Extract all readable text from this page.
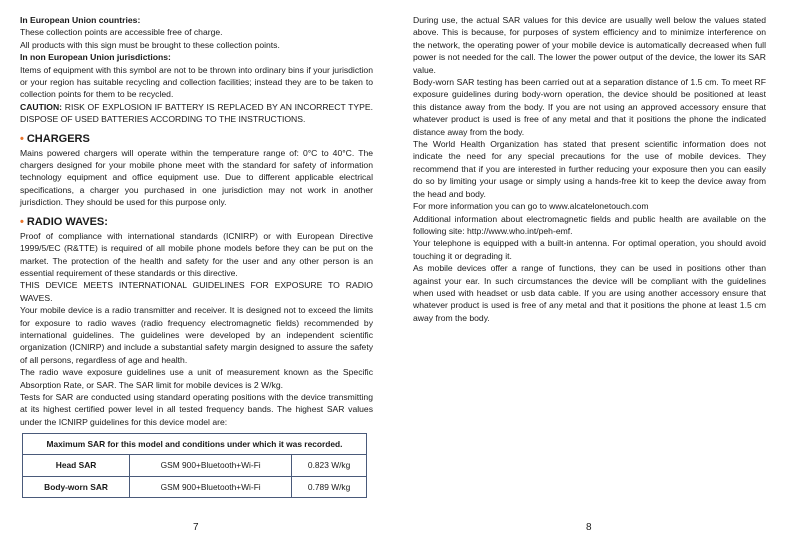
In European Union countries:

These collection points are accessible free of charge.

All products with this sign must be brought to these collection points.

In non European Union jurisdictions:

Items of equipment with this symbol are not to be thrown into ordinary bins if your jurisdiction or your region has suitable recycling and collection facilities; instead they are to be taken to collection points for them to be recycled.

CAUTION: RISK OF EXPLOSION IF BATTERY IS REPLACED BY AN INCORRECT TYPE. DISPOSE OF USED BATTERIES ACCORDING TO THE INSTRUCTIONS.

• CHARGERS

Mains powered chargers will operate within the temperature range of: 0°C to 40°C. The chargers designed for your mobile phone meet with the standard for safety of information technology equipment and office equipment use. Due to different applicable electrical specifications, a charger you purchased in one jurisdiction may not work in another jurisdiction. They should be used for this purpose only.

• RADIO WAVES:

Proof of compliance with international standards (ICNIRP) or with European Directive 1999/5/EC (R&TTE) is required of all mobile phone models before they can be put on the market. The protection of the health and safety for the user and any other person is an essential requirement of these standards or this directive.

THIS DEVICE MEETS INTERNATIONAL GUIDELINES FOR EXPOSURE TO RADIO WAVES.

Your mobile device is a radio transmitter and receiver. It is designed not to exceed the limits for exposure to radio waves (radio frequency electromagnetic fields) recommended by international guidelines. The guidelines were developed by an independent scientific organization (ICNIRP) and include a substantial safety margin designed to assure the safety of all persons, regardless of age and health.

The radio wave exposure guidelines use a unit of measurement known as the Specific Absorption Rate, or SAR. The SAR limit for mobile devices is 2 W/kg.

Tests for SAR are conducted using standard operating positions with the device transmitting at its highest certified power level in all tested frequency bands. The highest SAR values under the ICNIRP guidelines for this device model are:

Maximum SAR for this model and conditions under which it was recorded.		
Head SAR	GSM 900+Bluetooth+Wi-Fi	0.823 W/kg
Body-worn SAR	GSM 900+Bluetooth+Wi-Fi	0.789 W/kg

During use, the actual SAR values for this device are usually well below the values stated above. This is because, for purposes of system efficiency and to minimize interference on the network, the operating power of your mobile device is automatically decreased when full power is not needed for the call. The lower the power output of the device, the lower its SAR value.

Body-worn SAR testing has been carried out at a separation distance of 1.5 cm. To meet RF exposure guidelines during body-worn operation, the device should be positioned at least this distance away from the body. If you are not using an approved accessory ensure that whatever product is used is free of any metal and that it positions the phone the indicated distance away from the body.

The World Health Organization has stated that present scientific information does not indicate the need for any special precautions for the use of mobile devices. They recommend that if you are interested in further reducing your exposure then you can easily do so by limiting your usage or simply using a hands-free kit to keep the device away from the head and body.

For more information you can go to www.alcatelonetouch.com

Additional information about electromagnetic fields and public health are available on the following site: http://www.who.int/peh-emf.

Your telephone is equipped with a built-in antenna. For optimal operation, you should avoid touching it or degrading it.

As mobile devices offer a range of functions, they can be used in positions other than against your ear. In such circumstances the device will be compliant with the guidelines when used with headset or usb data cable. If you are using another accessory ensure that whatever product is used is free of any metal and that it positions the phone at least 1.5 cm away from the body.

7	8
